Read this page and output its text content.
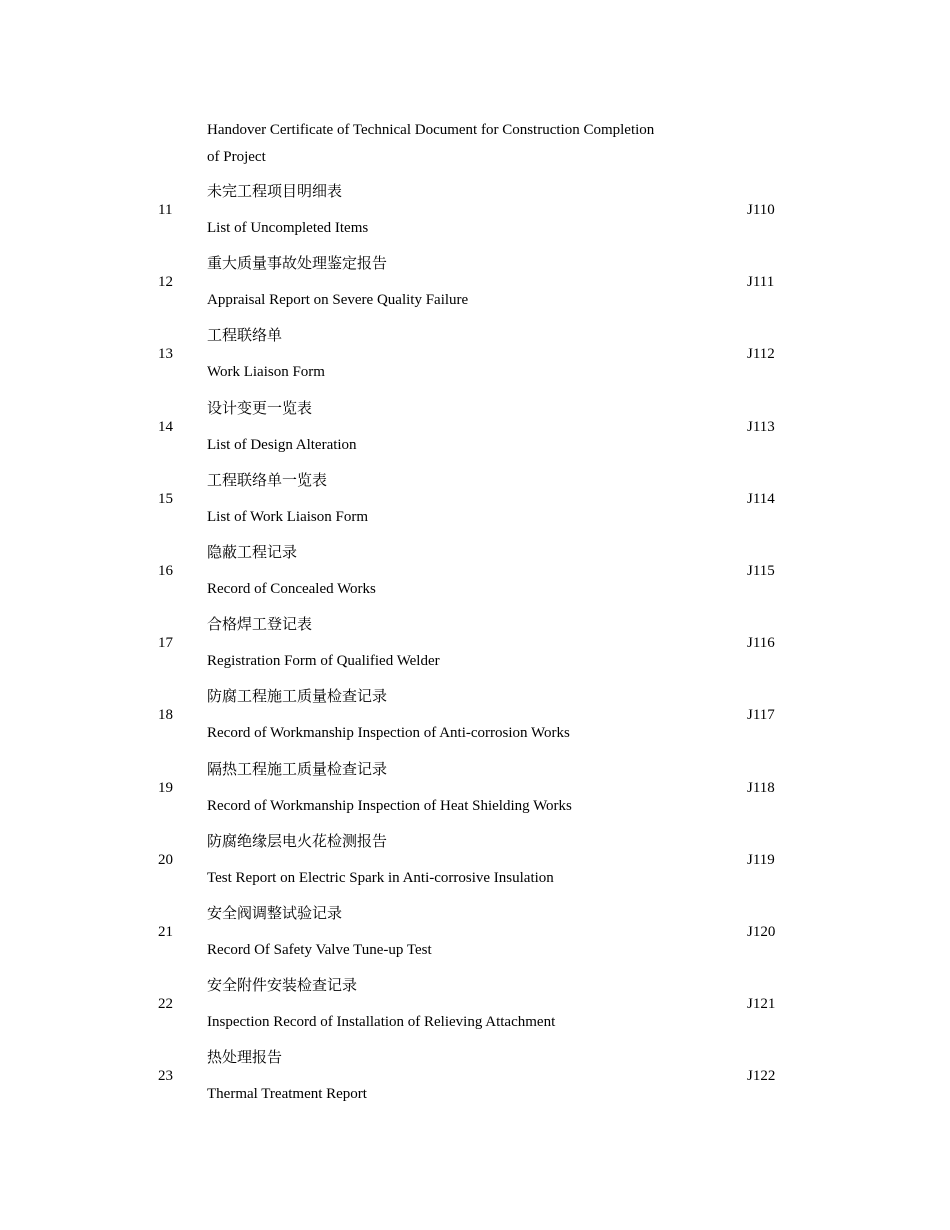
Handover Certificate of Technical Document for Construction Completion
of Project
11
未完工程项目明细表
List of Uncompleted Items
J110
12
重大质量事故处理鉴定报告
Appraisal Report on Severe Quality Failure
J111
13
工程联络单
Work Liaison Form
J112
14
设计变更一览表
List of Design Alteration
J113
15
工程联络单一览表
List of Work Liaison Form
J114
16
隐蔽工程记录
Record of Concealed Works
J115
17
合格焊工登记表
Registration Form of Qualified Welder
J116
18
防腐工程施工质量检查记录
Record of Workmanship Inspection of Anti-corrosion Works
J117
19
隔热工程施工质量检查记录
Record of Workmanship Inspection of Heat Shielding Works
J118
20
防腐绝缘层电火花检测报告
Test Report on Electric Spark in Anti-corrosive Insulation
J119
21
安全阀调整试验记录
Record Of Safety Valve Tune-up Test
J120
22
安全附件安装检查记录
Inspection Record of Installation of Relieving Attachment
J121
23
热处理报告
Thermal Treatment Report
J122
